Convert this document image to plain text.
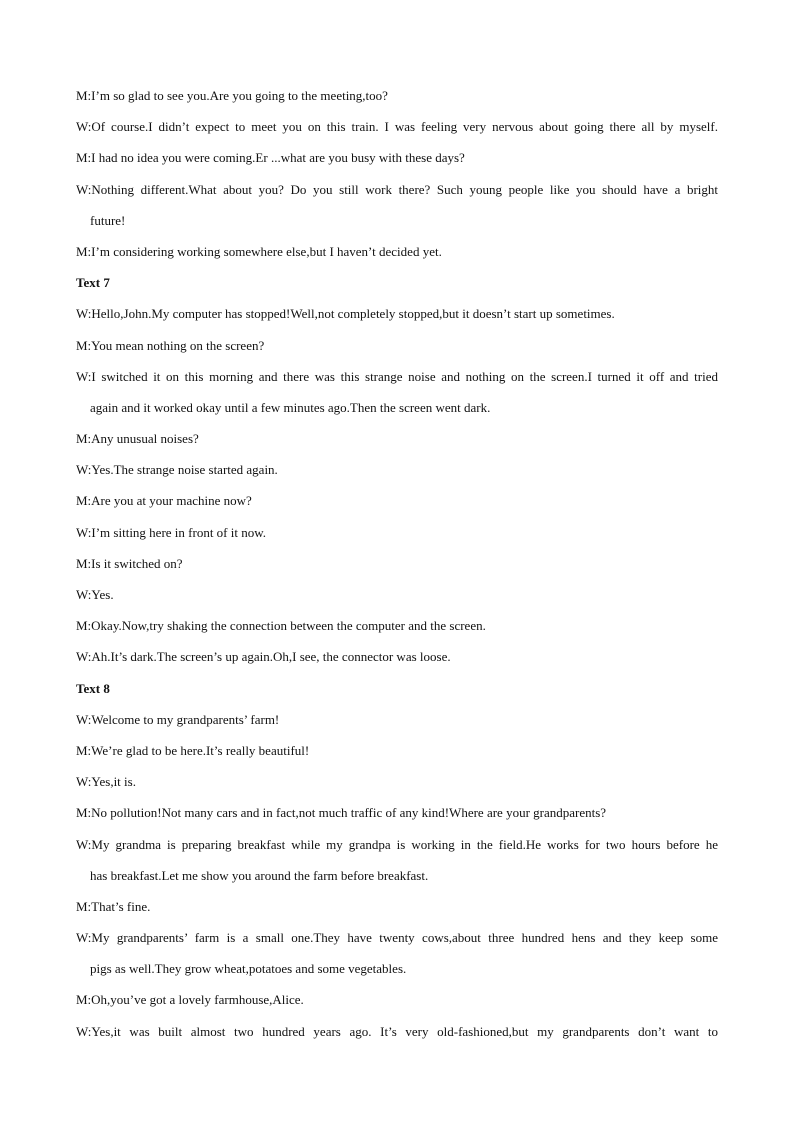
M:I’m so glad to see you.Are you going to the meeting,too?
W:Of course.I didn’t expect to meet you on this train. I was feeling very nervous about going there all by myself.
M:I had no idea you were coming.Er ...what are you busy with these days?
W:Nothing different.What about you? Do you still work there? Such young people like you should have a bright
future!
M:I’m considering working somewhere else,but I haven’t decided yet.
Text 7
W:Hello,John.My computer has stopped!Well,not completely stopped,but it doesn’t start up sometimes.
M:You mean nothing on the screen?
W:I switched it on this morning and there was this strange noise and nothing on the screen.I turned it off and tried
again and it worked okay until a few minutes ago.Then the screen went dark.
M:Any unusual noises?
W:Yes.The strange noise started again.
M:Are you at your machine now?
W:I’m sitting here in front of it now.
M:Is it switched on?
W:Yes.
M:Okay.Now,try shaking the connection between the computer and the screen.
W:Ah.It’s dark.The screen’s up again.Oh,I see, the connector was loose.
Text 8
W:Welcome to my grandparents’ farm!
M:We’re glad to be here.It’s really beautiful!
W:Yes,it is.
M:No pollution!Not many cars and in fact,not much traffic of any kind!Where are your grandparents?
W:My grandma is preparing breakfast while my grandpa is working in the field.He works for two hours before he
has breakfast.Let me show you around the farm before breakfast.
M:That’s fine.
W:My grandparents’ farm is a small one.They have twenty cows,about three hundred hens and they keep some
pigs as well.They grow wheat,potatoes and some vegetables.
M:Oh,you’ve got a lovely farmhouse,Alice.
W:Yes,it was built almost two hundred years ago. It’s very old-fashioned,but my grandparents don’t want to
